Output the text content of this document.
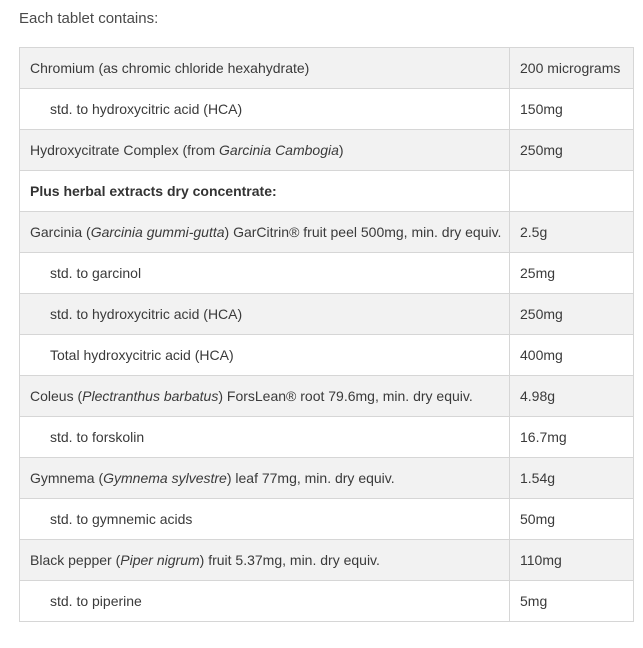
Each tablet contains:
Chromium (as chromic chloride hexahydrate)	200 micrograms
std. to hydroxycitric acid (HCA)	150mg
Hydroxycitrate Complex (from Garcinia Cambogia)	250mg
Plus herbal extracts dry concentrate:	
Garcinia (Garcinia gummi-gutta) GarCitrin® fruit peel 500mg, min. dry equiv.	2.5g
std. to garcinol	25mg
std. to hydroxycitric acid (HCA)	250mg
Total hydroxycitric acid (HCA)	400mg
Coleus (Plectranthus barbatus) ForsLean® root 79.6mg, min. dry equiv.	4.98g
std. to forskolin	16.7mg
Gymnema (Gymnema sylvestre) leaf 77mg, min. dry equiv.	1.54g
std. to gymnemic acids	50mg
Black pepper (Piper nigrum) fruit 5.37mg, min. dry equiv.	110mg
std. to piperine	5mg
